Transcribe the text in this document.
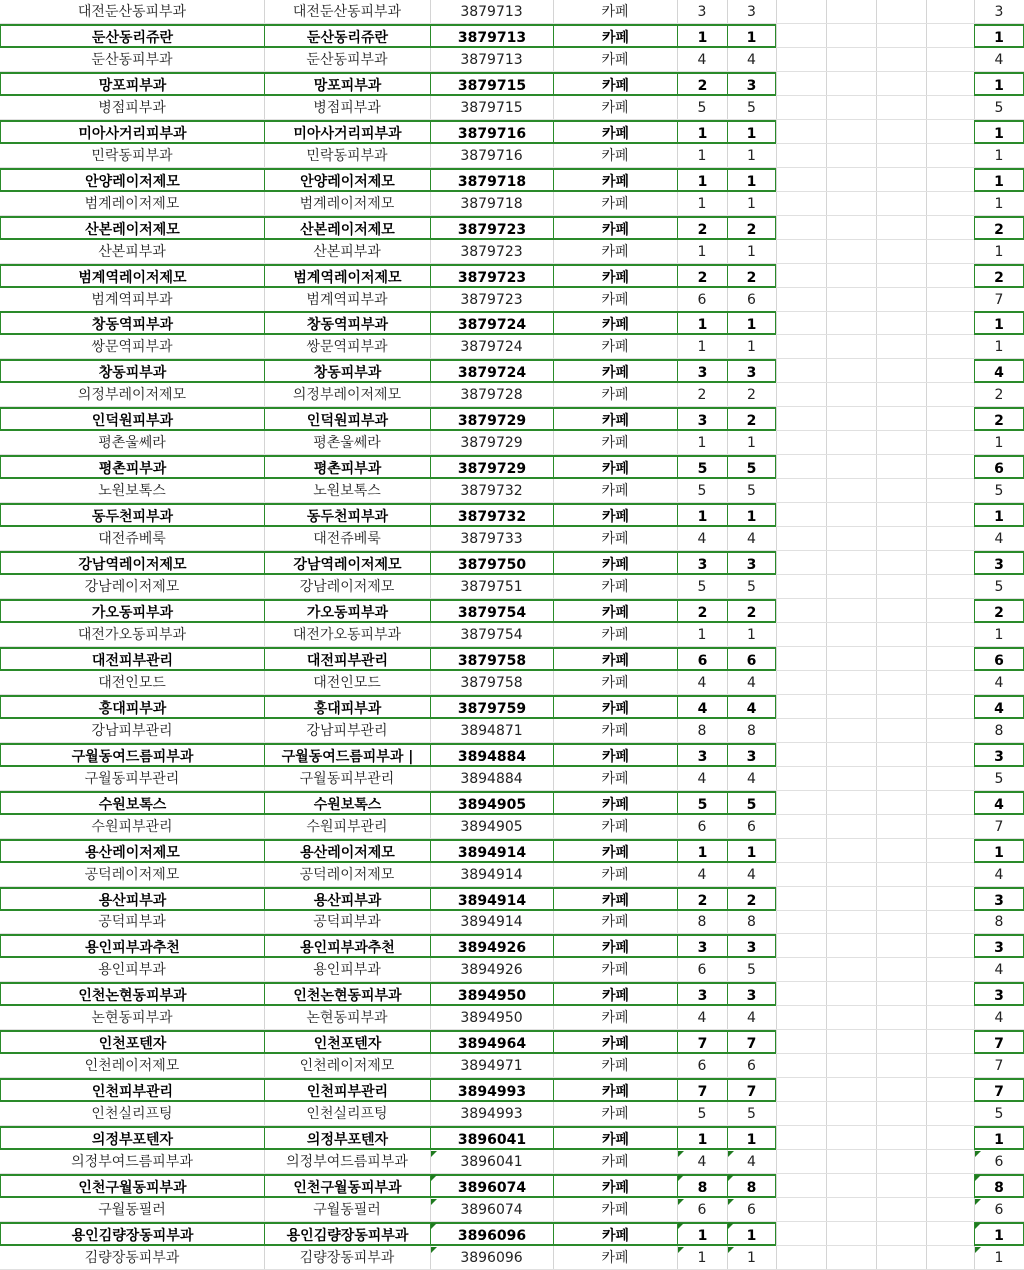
대전둔산동피부과	대전둔산동피부과	3879713	카페	3	3	3
둔산동리쥬란	둔산동리쥬란	3879713	카페	1	1	1
둔산동피부과	둔산동피부과	3879713	카페	4	4	4
망포피부과	망포피부과	3879715	카페	2	3	1
병점피부과	병점피부과	3879715	카페	5	5	5
미아사거리피부과	미아사거리피부과	3879716	카페	1	1	1
민락동피부과	민락동피부과	3879716	카페	1	1	1
안양레이저제모	안양레이저제모	3879718	카페	1	1	1
범계레이저제모	범계레이저제모	3879718	카페	1	1	1
산본레이저제모	산본레이저제모	3879723	카페	2	2	2
산본피부과	산본피부과	3879723	카페	1	1	1
범계역레이저제모	범계역레이저제모	3879723	카페	2	2	2
범계역피부과	범계역피부과	3879723	카페	6	6	7
창동역피부과	창동역피부과	3879724	카페	1	1	1
쌍문역피부과	쌍문역피부과	3879724	카페	1	1	1
창동피부과	창동피부과	3879724	카페	3	3	4
의정부레이저제모	의정부레이저제모	3879728	카페	2	2	2
인덕원피부과	인덕원피부과	3879729	카페	3	2	2
평촌울쎄라	평촌울쎄라	3879729	카페	1	1	1
평촌피부과	평촌피부과	3879729	카페	5	5	6
노원보톡스	노원보톡스	3879732	카페	5	5	5
동두천피부과	동두천피부과	3879732	카페	1	1	1
대전쥬베룩	대전쥬베룩	3879733	카페	4	4	4
강남역레이저제모	강남역레이저제모	3879750	카페	3	3	3
강남레이저제모	강남레이저제모	3879751	카페	5	5	5
가오동피부과	가오동피부과	3879754	카페	2	2	2
대전가오동피부과	대전가오동피부과	3879754	카페	1	1	1
대전피부관리	대전피부관리	3879758	카페	6	6	6
대전인모드	대전인모드	3879758	카페	4	4	4
홍대피부과	홍대피부과	3879759	카페	4	4	4
강남피부관리	강남피부관리	3894871	카페	8	8	8
구월동여드름피부과	구월동여드름피부과 |	3894884	카페	3	3	3
구월동피부관리	구월동피부관리	3894884	카페	4	4	5
수원보톡스	수원보톡스	3894905	카페	5	5	4
수원피부관리	수원피부관리	3894905	카페	6	6	7
용산레이저제모	용산레이저제모	3894914	카페	1	1	1
공덕레이저제모	공덕레이저제모	3894914	카페	4	4	4
용산피부과	용산피부과	3894914	카페	2	2	3
공덕피부과	공덕피부과	3894914	카페	8	8	8
용인피부과추천	용인피부과추천	3894926	카페	3	3	3
용인피부과	용인피부과	3894926	카페	6	5	4
인천논현동피부과	인천논현동피부과	3894950	카페	3	3	3
논현동피부과	논현동피부과	3894950	카페	4	4	4
인천포텐자	인천포텐자	3894964	카페	7	7	7
인천레이저제모	인천레이저제모	3894971	카페	6	6	7
인천피부관리	인천피부관리	3894993	카페	7	7	7
인천실리프팅	인천실리프팅	3894993	카페	5	5	5
의정부포텐자	의정부포텐자	3896041	카페	1	1	1
의정부여드름피부과	의정부여드름피부과	3896041	카페	4	4	6
인천구월동피부과	인천구월동피부과	3896074	카페	8	8	8
구월동필러	구월동필러	3896074	카페	6	6	6
용인김량장동피부과	용인김량장동피부과	3896096	카페	1	1	1
김량장동피부과	김량장동피부과	3896096	카페	1	1	1
